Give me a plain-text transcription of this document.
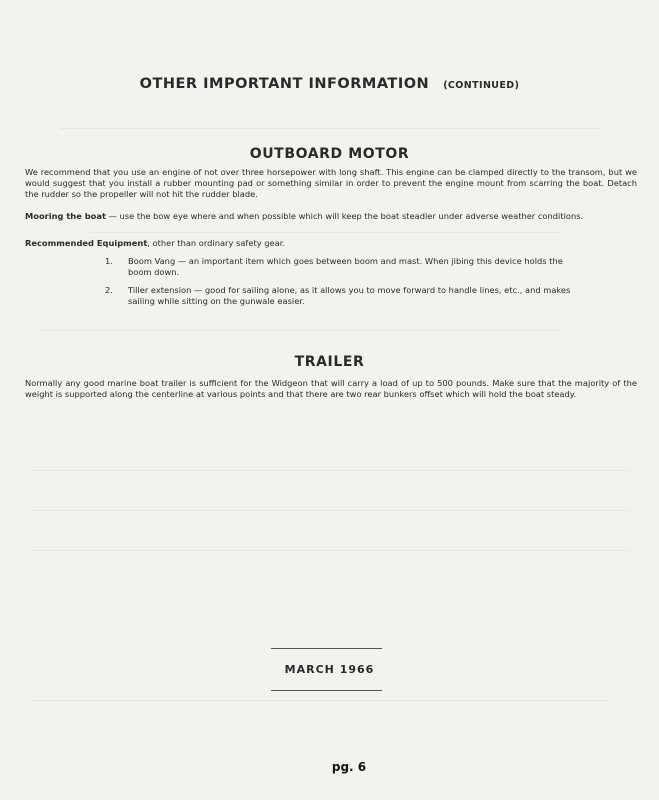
OTHER IMPORTANT INFORMATION (CONTINUED)
OUTBOARD MOTOR
We recommend that you use an engine of not over three horsepower with long shaft. This engine can be clamped directly to the transom, but we would suggest that you install a rubber mounting pad or something similar in order to prevent the engine mount from scarring the boat. Detach the rudder so the propeller will not hit the rudder blade.
Mooring the boat — use the bow eye where and when possible which will keep the boat steadier under adverse weather conditions.
Recommended Equipment, other than ordinary safety gear.
1.	Boom Vang — an important item which goes between boom and mast. When jibing this device holds the boom down.
2.	Tiller extension — good for sailing alone, as it allows you to move forward to handle lines, etc., and makes sailing while sitting on the gunwale easier.
TRAILER
Normally any good marine boat trailer is sufficient for the Widgeon that will carry a load of up to 500 pounds. Make sure that the majority of the weight is supported along the centerline at various points and that there are two rear bunkers offset which will hold the boat steady.
MARCH 1966
pg. 6
